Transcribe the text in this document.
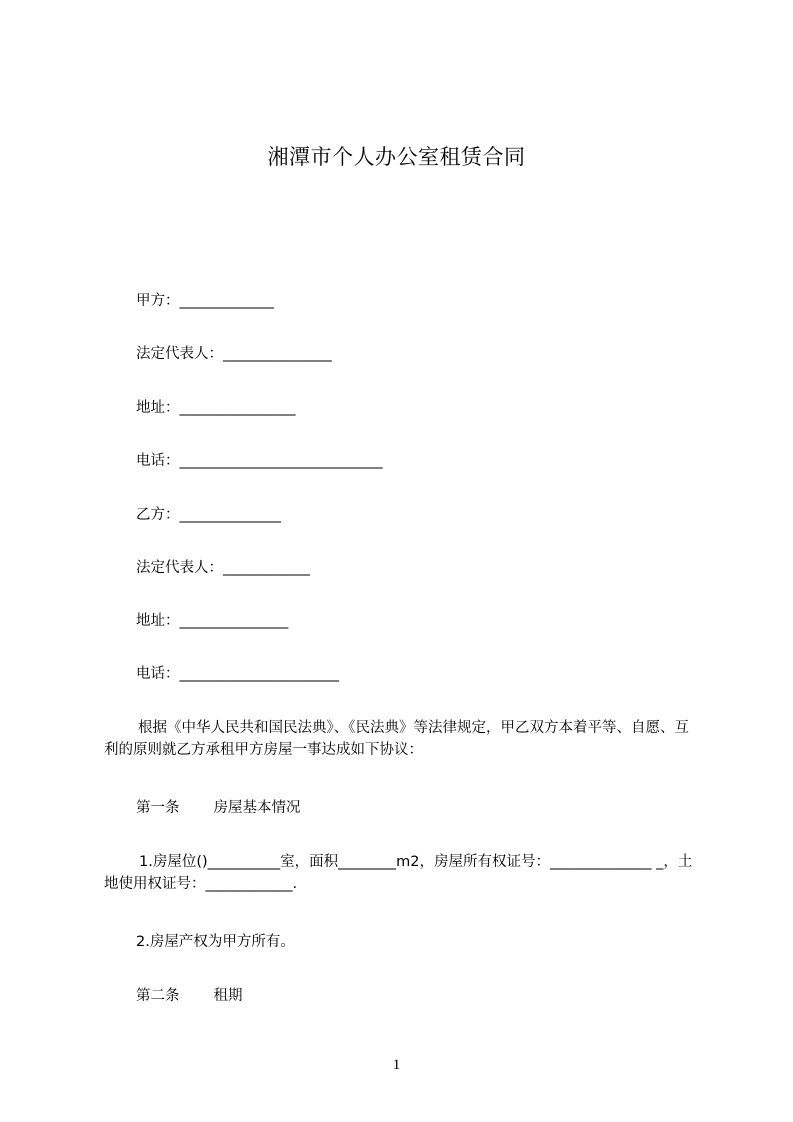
湘潭市个人办公室租赁合同
甲方：_____________
法定代表人：_______________
地址：________________
电话：____________________________
乙方：______________
法定代表人：____________
地址：_______________
电话：______________________
根据《中华人民共和国民法典》、《民法典》等法律规定，甲乙双方本着平等、自愿、互利的原则就乙方承租甲方房屋一事达成如下协议：
第一条 房屋基本情况
1.房屋位()__________室，面积________m2，房屋所有权证号：______________ _，土地使用权证号：____________.
2.房屋产权为甲方所有。
第二条 租期
1
